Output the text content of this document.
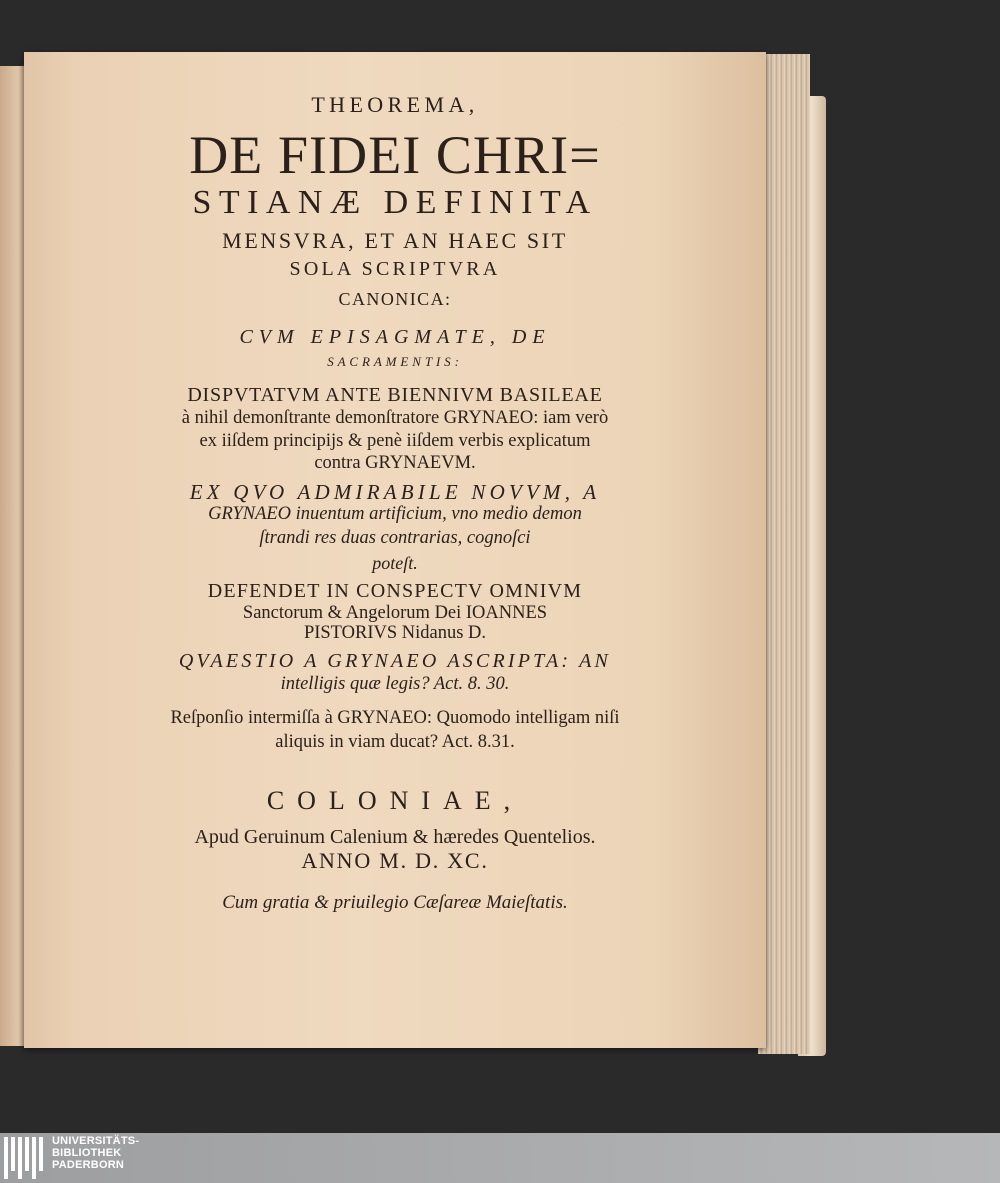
THEOREMA,
DE FIDEI CHRI=
STIANÆ DEFINITA
MENSVRA, ET AN HAEC SIT
SOLA SCRIPTVRA
CANONICA:
CVM EPISAGMATE, DE
SACRAMENTIS:
DISPVTATVM ANTE BIENNIVM BASILEAE
à nihil demonſtrante demonſtratore GRYNAEO: iam verò
ex iiſdem principijs & penè iiſdem verbis explicatum
contra GRYNAEVM.
EX QVO ADMIRABILE NOVVM, A
GRYNAEO inuentum artificium, vno medio demon
ſtrandi res duas contrarias, cognoſci
poteſt.
DEFENDET IN CONSPECTV OMNIVM
Sanctorum & Angelorum Dei IOANNES
PISTORIVS Nidanus D.
QVAESTIO A GRYNAEO ASCRIPTA: AN
intelligis quæ legis? Act. 8. 30.
Reſponſio intermiſſa à GRYNAEO: Quomodo intelligam niſi
aliquis in viam ducat? Act. 8.31.
COLONIAE,
Apud Geruinum Calenium & hæredes Quentelios.
ANNO M. D. XC.
Cum gratia & priuilegio Cæſareæ Maieſtatis.
UNIVERSITÄTS-
BIBLIOTHEK
PADERBORN
